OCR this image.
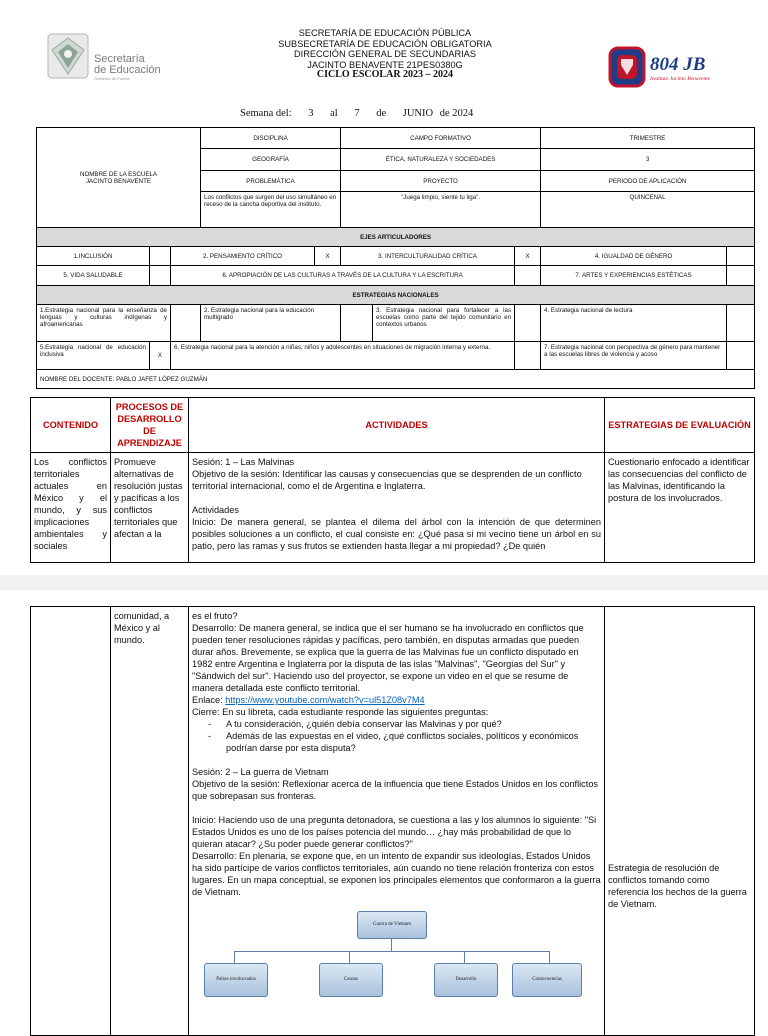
Secretaría
de Educación
Gobierno de Puebla
SECRETARÍA DE EDUCACIÓN PÚBLICA
SUBSECRETARÍA DE EDUCACIÓN OBLIGATORIA
DIRECCIÓN GENERAL DE SECUNDARIAS
JACINTO BENAVENTE 21PES0380G
CICLO ESCOLAR 2023 – 2024	804 JB
Instituto Jacinto Benavente
Semana del: 3 al 7 de JUNIO de 2024
NOMBRE DE LA ESCUELA
JACINTO BENAVENTE			DISCIPLINA		CAMPO FORMATIVO			TRIMESTRE	
			GEOGRAFÍA		ÉTICA, NATURALEZA Y SOCIEDADES			3	
			PROBLEMÁTICA		PROYECTO			PERIODO DE APLICACIÓN	
			Los conflictos que surgen del uso simultáneo en receso de la cancha deportiva del instituto.		"Juega limpio, siente tu liga".			QUINCENAL	
EJES ARTICULADORES									
1.INCLUSIÓN		2. PENSAMIENTO CRÍTICO		X	3. INTERCULTURALIDAD CRÍTICA		X	4. IGUALDAD DE GÉNERO	
5. VIDA SALUDABLE		6. APROPIACIÓN DE LAS CULTURAS A TRAVÉS DE LA CULTURA Y LA ESCRITURA						7. ARTES Y EXPERIENCIAS ESTÉTICAS	
ESTRATEGIAS NACIONALES									
1.Estrategia nacional para la enseñanza de lenguas y culturas indígenas y afroamericanas			2. Estrategia nacional para la educación multigrado			3. Estrategia nacional para fortalecer a las escuelas como parte del tejido comunitario en contextos urbanos		4. Estrategia nacional de lectura	
5.Estrategia nacional de educación inclusiva	X	6. Estrategia nacional para la atención a niñas, niños y adolescentes en situaciones de migración interna y externa.						7. Estrategia nacional con perspectiva de género para mantener a las escuelas libres de violencia y acoso	
NOMBRE DEL DOCENTE: PABLO JAFET LÓPEZ GUZMÁN									
CONTENIDO	PROCESOS DE DESARROLLO DE APRENDIZAJE	ACTIVIDADES	ESTRATEGIAS DE EVALUACIÓN
Los conflictos territoriales actuales en México y el mundo, y sus implicaciones ambientales y sociales	Promueve alternativas de resolución justas y pacíficas a los conflictos territoriales que afectan a la	Sesión: 1 – Las Malvinas

Objetivo de la sesión: Identificar las causas y consecuencias que se desprenden de un conflicto territorial internacional, como el de Argentina e Inglaterra.

Actividades

Inicio: De manera general, se plantea el dilema del árbol con la intención de que determinen posibles soluciones a un conflicto, el cual consiste en: ¿Qué pasa si mi vecino tiene un árbol en su patio, pero las ramas y sus frutos se extienden hasta llegar a mi propiedad? ¿De quién	Cuestionario enfocado a identificar las consecuencias del conflicto de las Malvinas, identificando la postura de los involucrados.
	comunidad, a México y al mundo.	

es el fruto?

Desarrollo: De manera general, se indica que el ser humano se ha involucrado en conflictos que pueden tener resoluciones rápidas y pacíficas, pero también, en disputas armadas que pueden durar años. Brevemente, se explica que la guerra de las Malvinas fue un conflicto disputado en 1982 entre Argentina e Inglaterra por la disputa de las islas "Malvinas", "Georgias del Sur" y "Sándwich del sur". Haciendo uso del proyector, se expone un video en el que se resume de manera detallada este conflicto territorial.

Enlace: https://www.youtube.com/watch?v=ul51Z08v7M4

Cierre: En su libreta, cada estudiante responde las siguientes preguntas:

- A tu consideración, ¿quién debía conservar las Malvinas y por qué?
- Además de las expuestas en el video, ¿qué conflictos sociales, políticos y económicos podrían darse por esta disputa?

Sesión: 2 – La guerra de Vietnam

Objetivo de la sesión: Reflexionar acerca de la influencia que tiene Estados Unidos en los conflictos que sobrepasan sus fronteras.

Inicio: Haciendo uso de una pregunta detonadora, se cuestiona a las y los alumnos lo siguiente: "Si Estados Unidos es uno de los países potencia del mundo… ¿hay más probabilidad de que lo quieran atacar? ¿Su poder puede generar conflictos?"

Desarrollo: En plenaria, se expone que, en un intento de expandir sus ideologías, Estados Unidos ha sido partícipe de varios conflictos territoriales, aún cuando no tiene relación fronteriza con estos lugares. En un mapa conceptual, se exponen los principales elementos que conformaron a la guerra de Vietnam.

Guerra de Vietnam
Países involucrados	Causas	Desarrollo	Consecuencias

Estrategia de resolución de conflictos tomando como referencia los hechos de la guerra de Vietnam.
